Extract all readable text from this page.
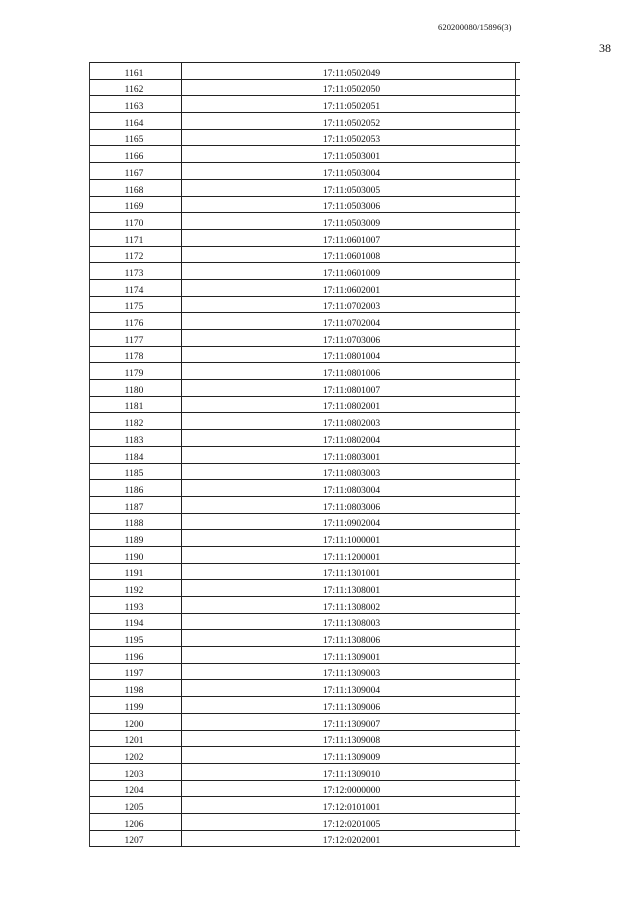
620200080/15896(3)
38
1161	17:11:0502049
1162	17:11:0502050
1163	17:11:0502051
1164	17:11:0502052
1165	17:11:0502053
1166	17:11:0503001
1167	17:11:0503004
1168	17:11:0503005
1169	17:11:0503006
1170	17:11:0503009
1171	17:11:0601007
1172	17:11:0601008
1173	17:11:0601009
1174	17:11:0602001
1175	17:11:0702003
1176	17:11:0702004
1177	17:11:0703006
1178	17:11:0801004
1179	17:11:0801006
1180	17:11:0801007
1181	17:11:0802001
1182	17:11:0802003
1183	17:11:0802004
1184	17:11:0803001
1185	17:11:0803003
1186	17:11:0803004
1187	17:11:0803006
1188	17:11:0902004
1189	17:11:1000001
1190	17:11:1200001
1191	17:11:1301001
1192	17:11:1308001
1193	17:11:1308002
1194	17:11:1308003
1195	17:11:1308006
1196	17:11:1309001
1197	17:11:1309003
1198	17:11:1309004
1199	17:11:1309006
1200	17:11:1309007
1201	17:11:1309008
1202	17:11:1309009
1203	17:11:1309010
1204	17:12:0000000
1205	17:12:0101001
1206	17:12:0201005
1207	17:12:0202001
